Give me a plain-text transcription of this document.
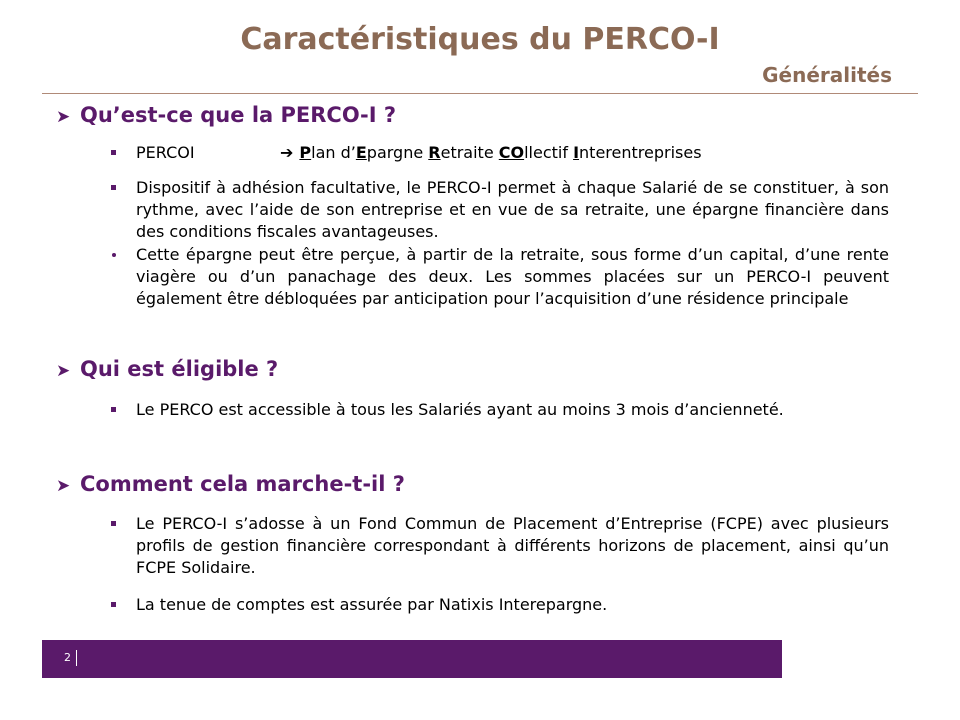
Caractéristiques du PERCO-I
Généralités
➤ Qu’est-ce que la PERCO-I ?
PERCOI	➔ Plan d’Epargne Retraite COllectif Interentreprises
Dispositif à adhésion facultative, le PERCO-I permet à chaque Salarié de se constituer, à son rythme, avec l’aide de son entreprise et en vue de sa retraite, une épargne financière dans des conditions fiscales avantageuses.
Cette épargne peut être perçue, à partir de la retraite, sous forme d’un capital, d’une rente viagère ou d’un panachage des deux. Les sommes placées sur un PERCO-I peuvent également être débloquées par anticipation pour l’acquisition d’une résidence principale
➤ Qui est éligible ?
Le PERCO est accessible à tous les Salariés ayant au moins 3 mois d’ancienneté.
➤ Comment cela marche-t-il ?
Le PERCO-I s’adosse à un Fond Commun de Placement d’Entreprise (FCPE) avec plusieurs profils de gestion financière correspondant à différents horizons de placement, ainsi qu’un FCPE Solidaire.
La tenue de comptes est assurée par Natixis Interepargne.
2
